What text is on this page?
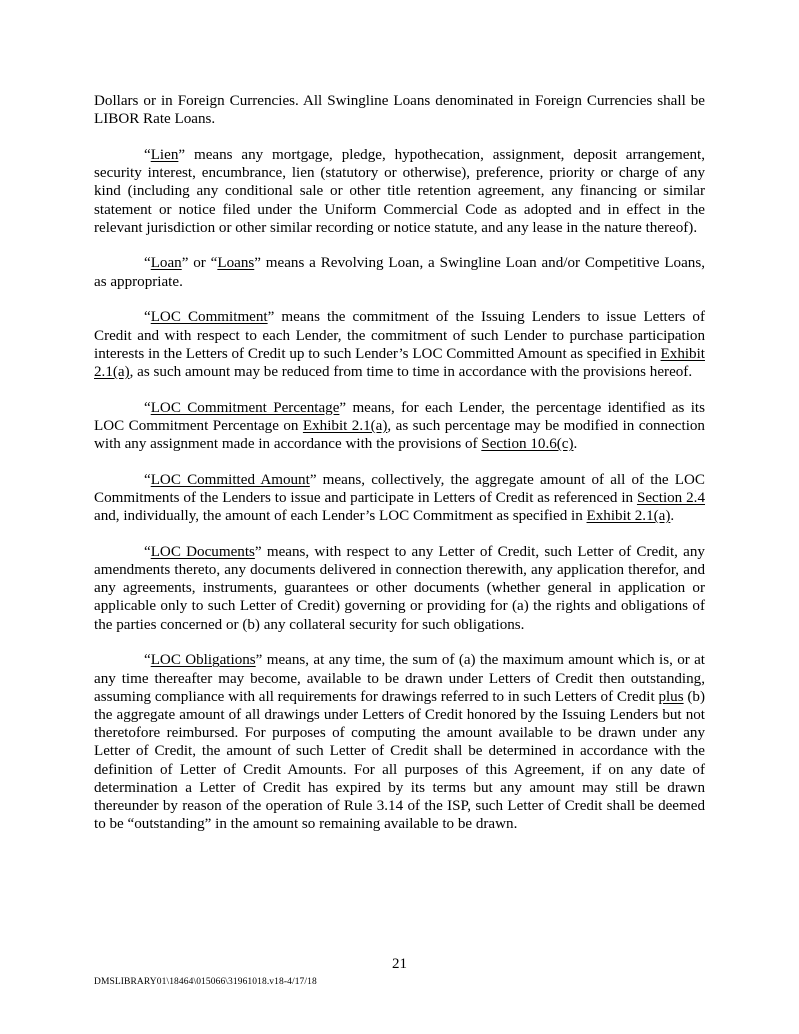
Dollars or in Foreign Currencies. All Swingline Loans denominated in Foreign Currencies shall be LIBOR Rate Loans.

“Lien” means any mortgage, pledge, hypothecation, assignment, deposit arrangement, security interest, encumbrance, lien (statutory or otherwise), preference, priority or charge of any kind (including any conditional sale or other title retention agreement, any financing or similar statement or notice filed under the Uniform Commercial Code as adopted and in effect in the relevant jurisdiction or other similar recording or notice statute, and any lease in the nature thereof).

“Loan” or “Loans” means a Revolving Loan, a Swingline Loan and/or Competitive Loans, as appropriate.

“LOC Commitment” means the commitment of the Issuing Lenders to issue Letters of Credit and with respect to each Lender, the commitment of such Lender to purchase participation interests in the Letters of Credit up to such Lender’s LOC Committed Amount as specified in Exhibit 2.1(a), as such amount may be reduced from time to time in accordance with the provisions hereof.

“LOC Commitment Percentage” means, for each Lender, the percentage identified as its LOC Commitment Percentage on Exhibit 2.1(a), as such percentage may be modified in connection with any assignment made in accordance with the provisions of Section 10.6(c).

“LOC Committed Amount” means, collectively, the aggregate amount of all of the LOC Commitments of the Lenders to issue and participate in Letters of Credit as referenced in Section 2.4 and, individually, the amount of each Lender’s LOC Commitment as specified in Exhibit 2.1(a).

“LOC Documents” means, with respect to any Letter of Credit, such Letter of Credit, any amendments thereto, any documents delivered in connection therewith, any application therefor, and any agreements, instruments, guarantees or other documents (whether general in application or applicable only to such Letter of Credit) governing or providing for (a) the rights and obligations of the parties concerned or (b) any collateral security for such obligations.

“LOC Obligations” means, at any time, the sum of (a) the maximum amount which is, or at any time thereafter may become, available to be drawn under Letters of Credit then outstanding, assuming compliance with all requirements for drawings referred to in such Letters of Credit plus (b) the aggregate amount of all drawings under Letters of Credit honored by the Issuing Lenders but not theretofore reimbursed. For purposes of computing the amount available to be drawn under any Letter of Credit, the amount of such Letter of Credit shall be determined in accordance with the definition of Letter of Credit Amounts. For all purposes of this Agreement, if on any date of determination a Letter of Credit has expired by its terms but any amount may still be drawn thereunder by reason of the operation of Rule 3.14 of the ISP, such Letter of Credit shall be deemed to be “outstanding” in the amount so remaining available to be drawn.

21
DMSLIBRARY01\18464\015066\31961018.v18-4/17/18
